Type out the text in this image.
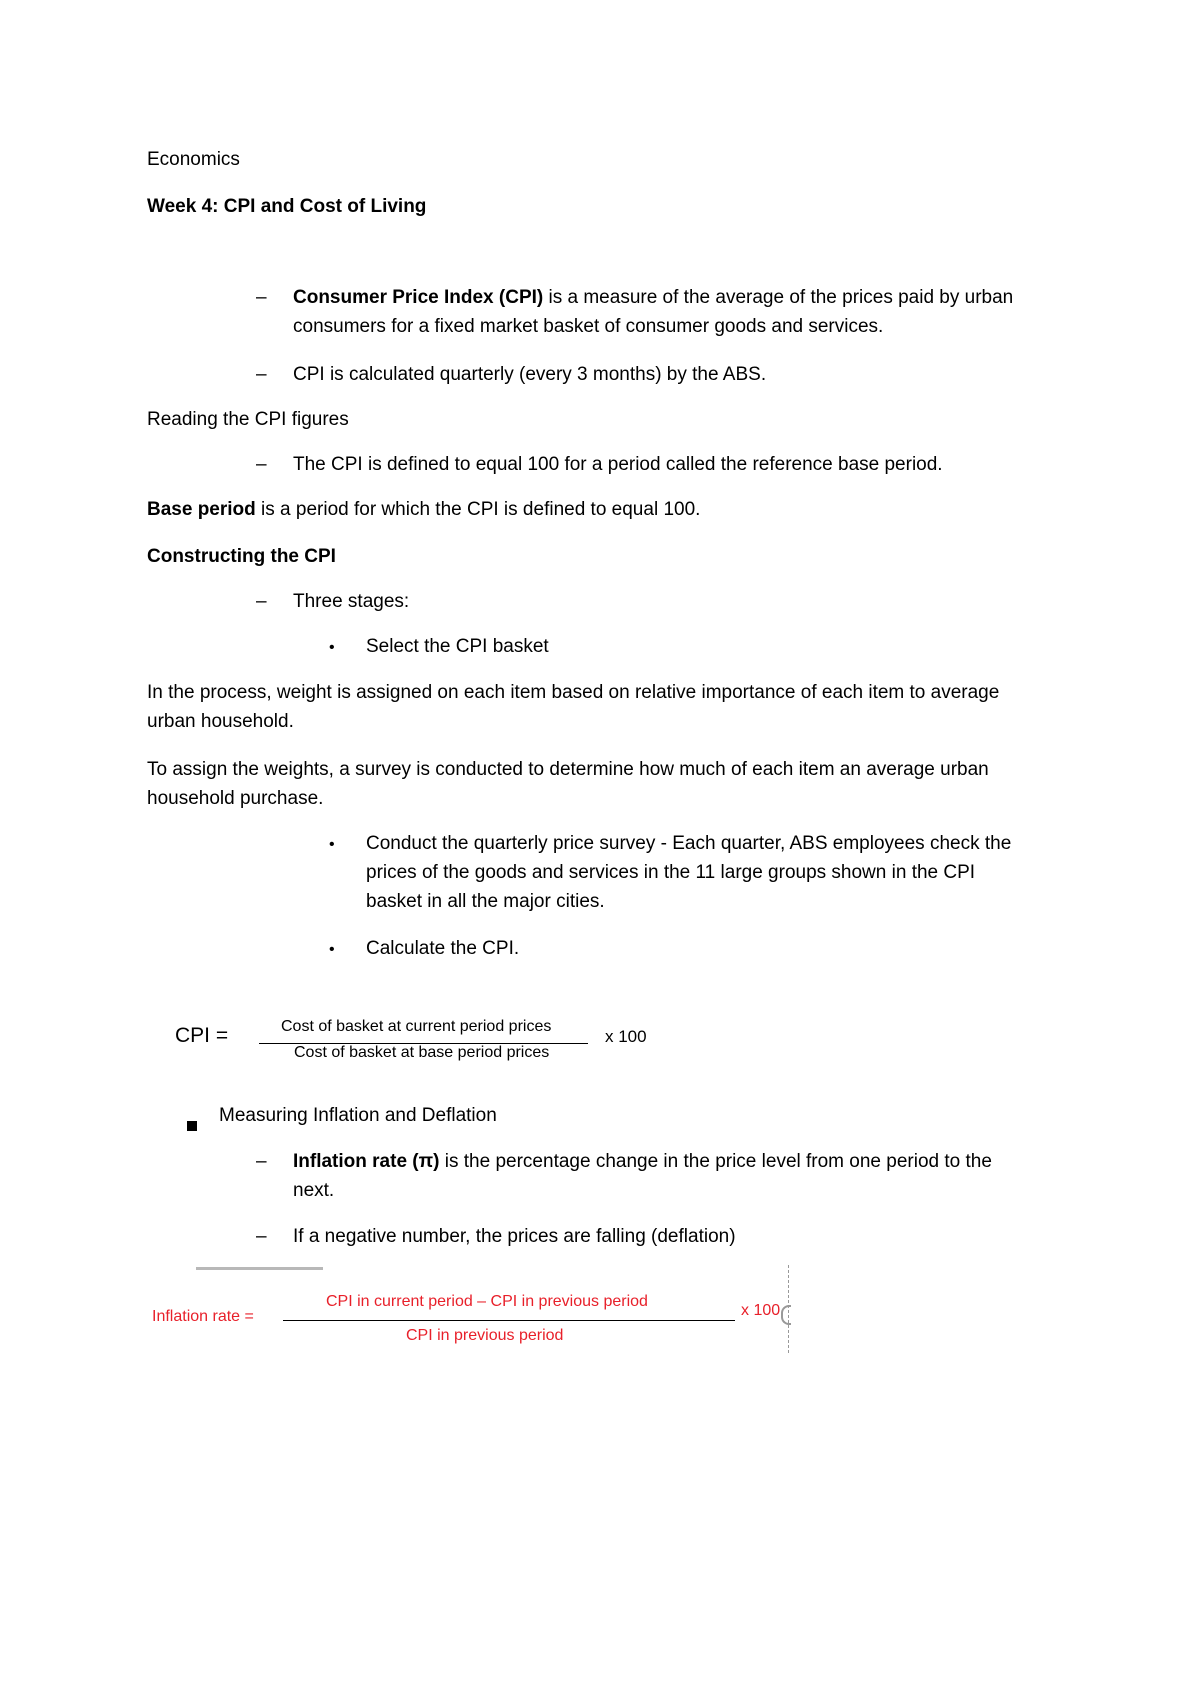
Economics
Week 4: CPI and Cost of Living
– Consumer Price Index (CPI) is a measure of the average of the prices paid by urban
consumers for a fixed market basket of consumer goods and services.
– CPI is calculated quarterly (every 3 months) by the ABS.
Reading the CPI figures
– The CPI is defined to equal 100 for a period called the reference base period.
Base period is a period for which the CPI is defined to equal 100.
Constructing the CPI
– Three stages:
• Select the CPI basket
In the process, weight is assigned on each item based on relative importance of each item to average
urban household.
To assign the weights, a survey is conducted to determine how much of each item an average urban
household purchase.
• Conduct the quarterly price survey - Each quarter, ABS employees check the
prices of the goods and services in the 11 large groups shown in the CPI
basket in all the major cities.
• Calculate the CPI.
CPI =	Cost of basket at current period prices
Cost of basket at base period prices
x 100
Measuring Inflation and Deflation
– Inflation rate (π) is the percentage change in the price level from one period to the
next.
– If a negative number, the prices are falling (deflation)
Inflation rate =
CPI in current period – CPI in previous period
CPI in previous period
x 100
